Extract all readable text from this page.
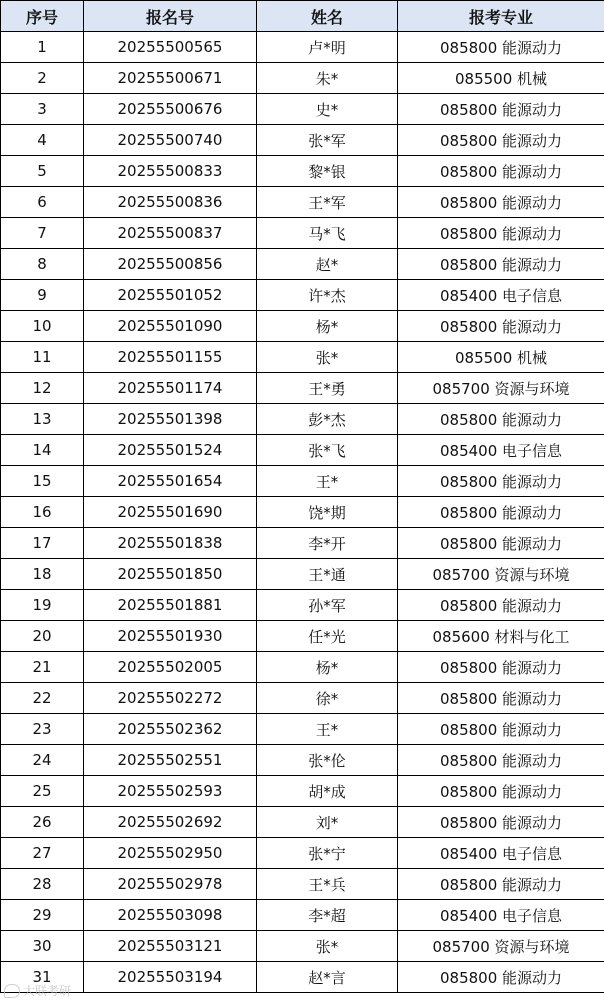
序号	报名号	姓名	报考专业
1	20255500565	卢*明	085800 能源动力
2	20255500671	朱*	085500 机械
3	20255500676	史*	085800 能源动力
4	20255500740	张*军	085800 能源动力
5	20255500833	黎*银	085800 能源动力
6	20255500836	王*军	085800 能源动力
7	20255500837	马*飞	085800 能源动力
8	20255500856	赵*	085800 能源动力
9	20255501052	许*杰	085400 电子信息
10	20255501090	杨*	085800 能源动力
11	20255501155	张*	085500 机械
12	20255501174	王*勇	085700 资源与环境
13	20255501398	彭*杰	085800 能源动力
14	20255501524	张*飞	085400 电子信息
15	20255501654	王*	085800 能源动力
16	20255501690	饶*期	085800 能源动力
17	20255501838	李*开	085800 能源动力
18	20255501850	王*通	085700 资源与环境
19	20255501881	孙*军	085800 能源动力
20	20255501930	任*光	085600 材料与化工
21	20255502005	杨*	085800 能源动力
22	20255502272	徐*	085800 能源动力
23	20255502362	王*	085800 能源动力
24	20255502551	张*伦	085800 能源动力
25	20255502593	胡*成	085800 能源动力
26	20255502692	刘*	085800 能源动力
27	20255502950	张*宁	085400 电子信息
28	20255502978	王*兵	085800 能源动力
29	20255503098	李*超	085400 电子信息
30	20255503121	张*	085700 资源与环境
31	20255503194	赵*言	085800 能源动力
大联考研
